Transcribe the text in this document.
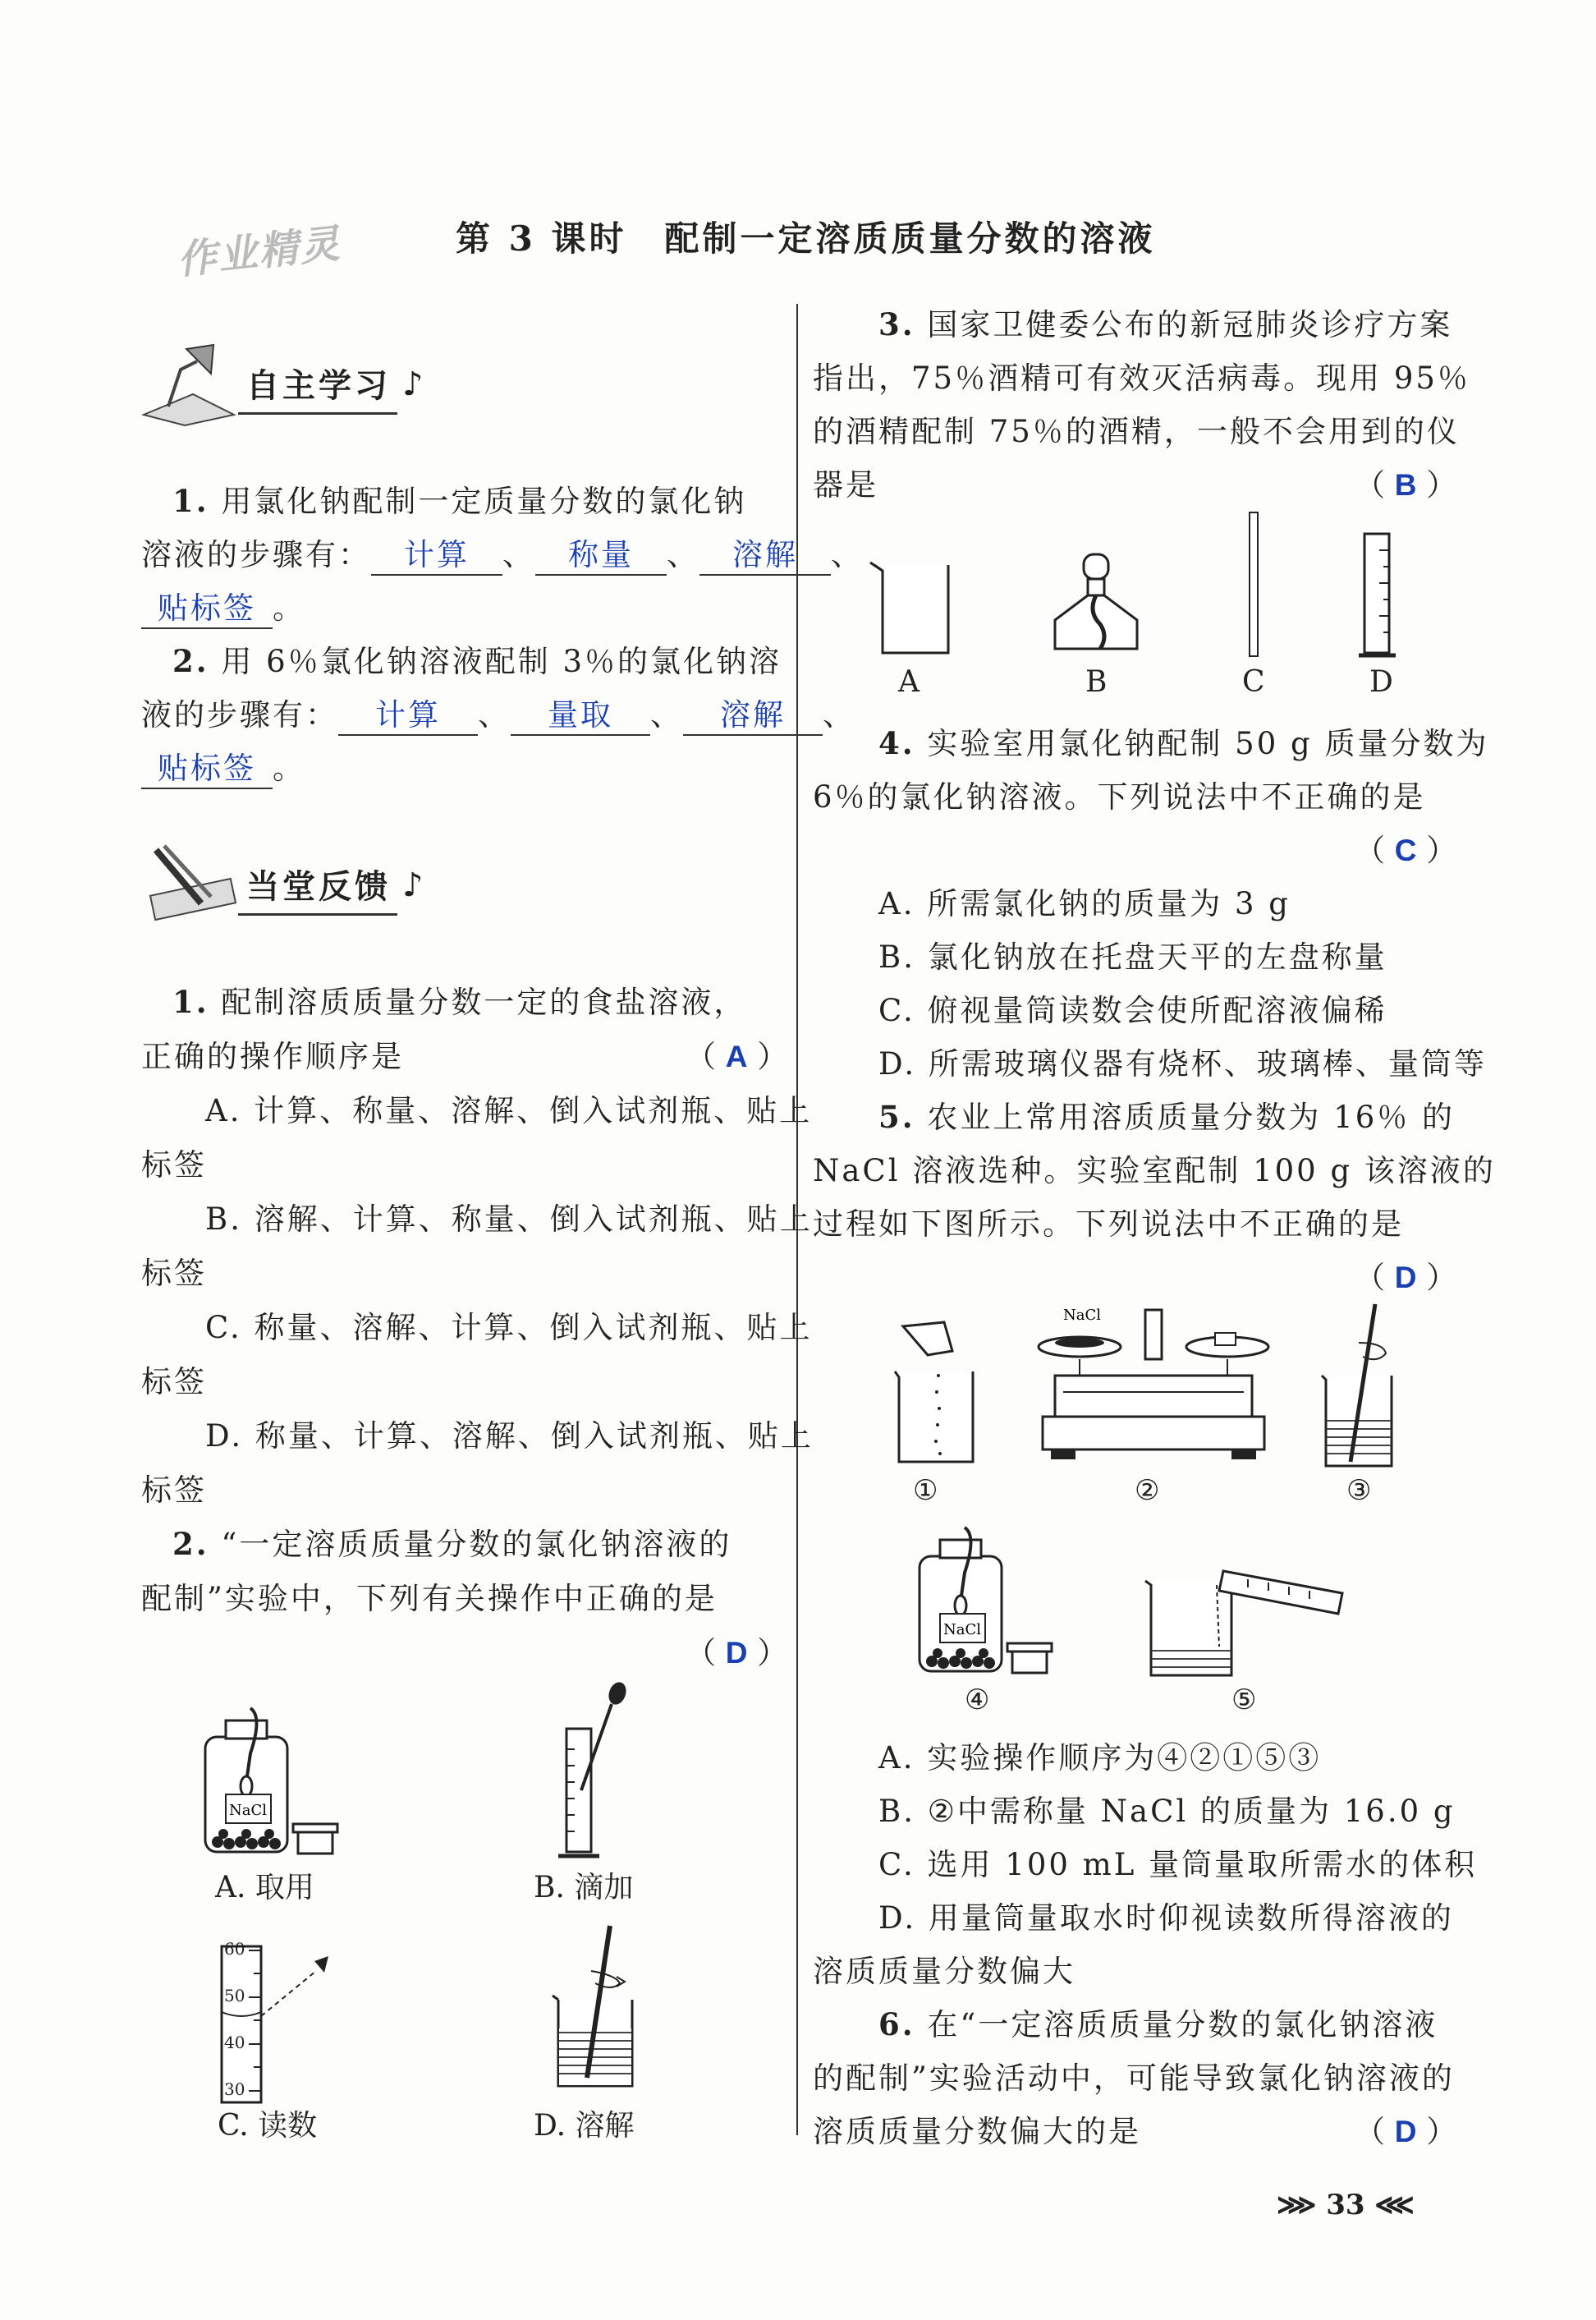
作业精灵	第 3 课时　配制一定溶质质量分数的溶液
自主学习 ♪
1. 用氯化钠配制一定质量分数的氯化钠
溶液的步骤有： 计算 、 称量 、 溶解 、
贴标签 。
2. 用 6％氯化钠溶液配制 3％的氯化钠溶
液的步骤有： 计算 、 量取 、 溶解 、
贴标签 。
当堂反馈 ♪
1. 配制溶质质量分数一定的食盐溶液，
正确的操作顺序是	（ A ）
A. 计算、称量、溶解、倒入试剂瓶、贴上
标签
B. 溶解、计算、称量、倒入试剂瓶、贴上
标签
C. 称量、溶解、计算、倒入试剂瓶、贴上
标签
D. 称量、计算、溶解、倒入试剂瓶、贴上
标签
2. “一定溶质质量分数的氯化钠溶液的
配制”实验中，下列有关操作中正确的是
（ D ）
NaCl
A. 取用	B. 滴加
60
50
40
30
C. 读数	D. 溶解
3. 国家卫健委公布的新冠肺炎诊疗方案
指出，75％酒精可有效灭活病毒。现用 95％
的酒精配制 75％的酒精，一般不会用到的仪
器是	（ B ）
A	B	C	D
4. 实验室用氯化钠配制 50 g 质量分数为
6％的氯化钠溶液。下列说法中不正确的是
（ C ）
A. 所需氯化钠的质量为 3 g
B. 氯化钠放在托盘天平的左盘称量
C. 俯视量筒读数会使所配溶液偏稀
D. 所需玻璃仪器有烧杯、玻璃棒、量筒等
5. 农业上常用溶质质量分数为 16％ 的
NaCl 溶液选种。实验室配制 100 g 该溶液的
过程如下图所示。下列说法中不正确的是
（ D ）
①
NaCl
②	③
NaCl
④	⑤
A. 实验操作顺序为④②①⑤③
B. ②中需称量 NaCl 的质量为 16.0 g
C. 选用 100 mL 量筒量取所需水的体积
D. 用量筒量取水时仰视读数所得溶液的
溶质质量分数偏大
6. 在“一定溶质质量分数的氯化钠溶液
的配制”实验活动中，可能导致氯化钠溶液的
溶质质量分数偏大的是	（ D ）
⋙ 33 ⋘
